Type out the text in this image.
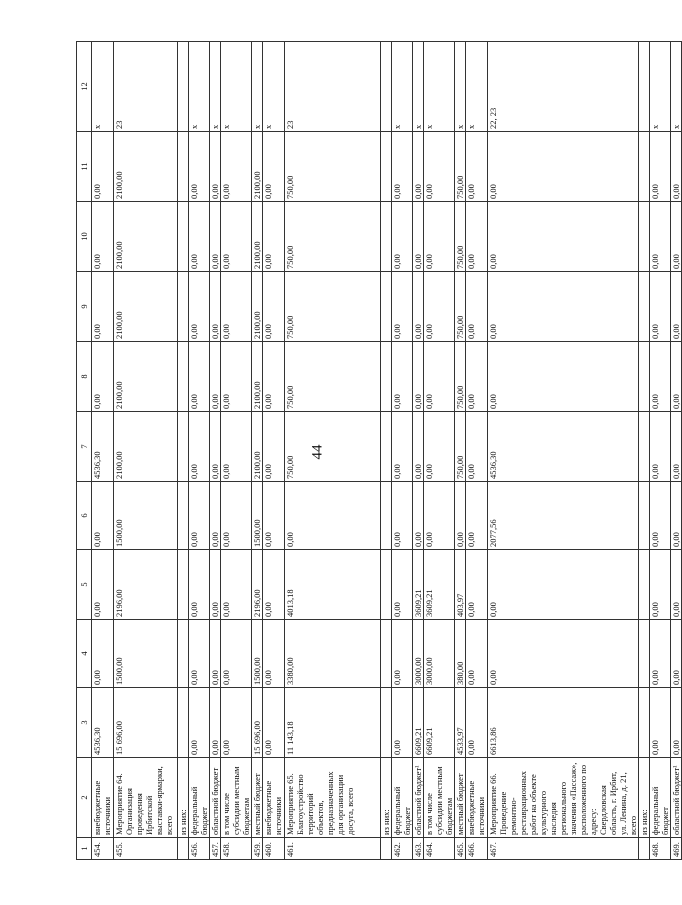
44
1	2	3	4	5	6	7	8	9	10	11	12
454.	внебюджетные источники	4536,30	0,00	0,00	0,00	4536,30	0,00	0,00	0,00	0,00	x
455.	Мероприятие 64. Организация проведения Ирбитской выставки-ярмарки, всего	15 696,00	1500,00	2196,00	1500,00	2100,00	2100,00	2100,00	2100,00	2100,00	23
	из них:										
456.	федеральный бюджет	0,00	0,00	0,00	0,00	0,00	0,00	0,00	0,00	0,00	x
457.	областной бюджет	0,00	0,00	0,00	0,00	0,00	0,00	0,00	0,00	0,00	x
458.	в том числе субсидии местным бюджетам	0,00	0,00	0,00	0,00	0,00	0,00	0,00	0,00	0,00	x
459.	местный бюджет	15 696,00	1500,00	2196,00	1500,00	2100,00	2100,00	2100,00	2100,00	2100,00	x
460.	внебюджетные источники	0,00	0,00	0,00	0,00	0,00	0,00	0,00	0,00	0,00	x
461.	Мероприятие 65. Благоустройство территорий объектов, предназначенных для организации досуга, всего	11 143,18	3380,00	4013,18	0,00	750,00	750,00	750,00	750,00	750,00	23
	из них:										
462.	федеральный бюджет	0,00	0,00	0,00	0,00	0,00	0,00	0,00	0,00	0,00	x
463.	областной бюджет¹	6609,21	3000,00	3609,21	0,00	0,00	0,00	0,00	0,00	0,00	x
464.	в том числе субсидии местным бюджетам	6609,21	3000,00	3609,21	0,00	0,00	0,00	0,00	0,00	0,00	x
465.	местный бюджет	4533,97	380,00	403,97	0,00	750,00	750,00	750,00	750,00	750,00	x
466.	внебюджетные источники	0,00	0,00	0,00	0,00	0,00	0,00	0,00	0,00	0,00	x
467.	Мероприятие 66. Проведение ремонтно-реставрационных работ на объекте культурного наследия регионального значения «Пассаж», расположенного по адресу: Свердловская область, г. Ирбит, ул. Ленина, д. 21, всего	6613,86	0,00	0,00	2077,56	4536,30	0,00	0,00	0,00	0,00	22, 23
	из них:										
468.	федеральный бюджет	0,00	0,00	0,00	0,00	0,00	0,00	0,00	0,00	0,00	x
469.	областной бюджет¹	0,00	0,00	0,00	0,00	0,00	0,00	0,00	0,00	0,00	x
